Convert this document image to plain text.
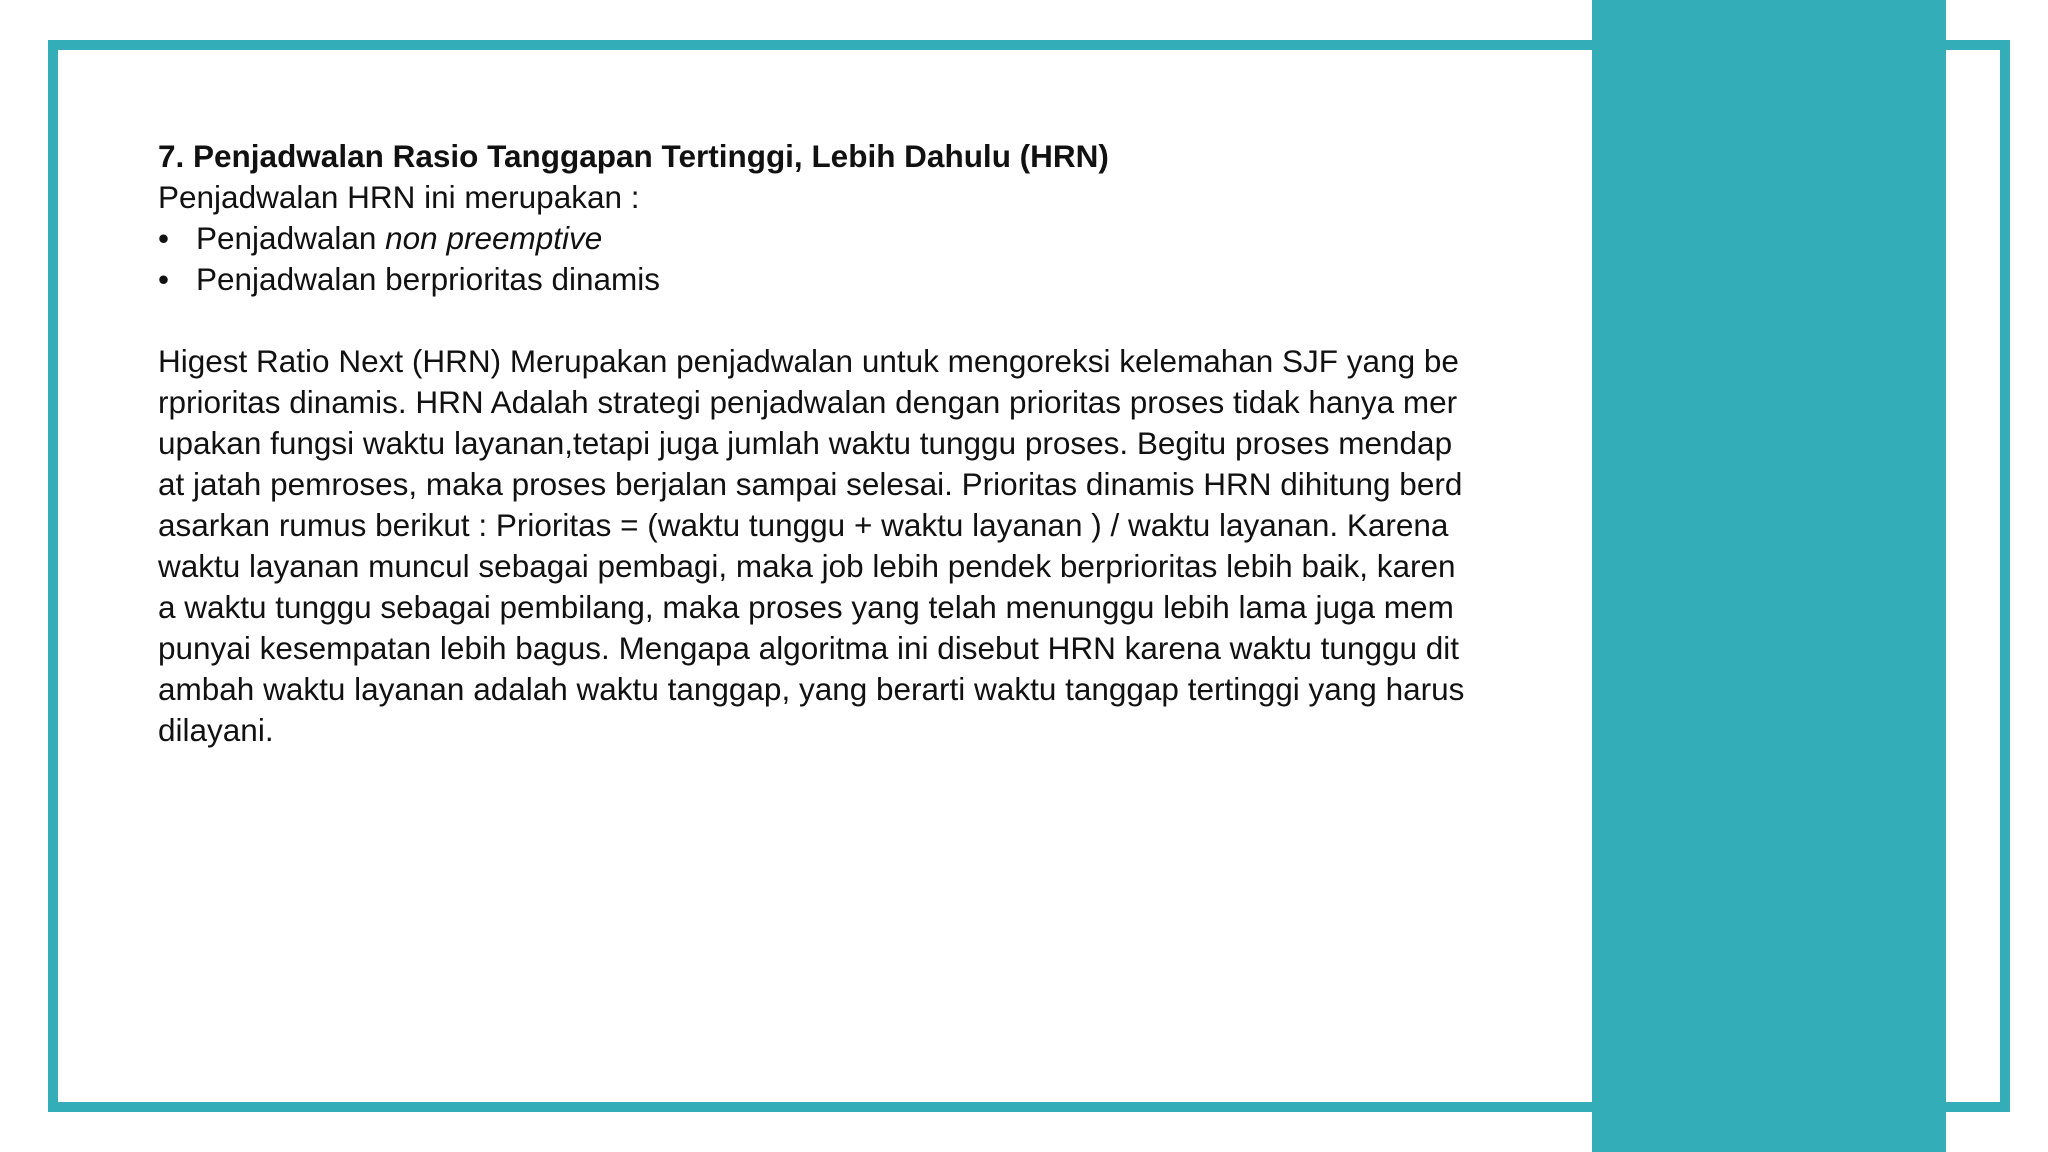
7. Penjadwalan Rasio Tanggapan Tertinggi, Lebih Dahulu (HRN)

Penjadwalan HRN ini merupakan :

• Penjadwalan non preemptive
• Penjadwalan berprioritas dinamis

Higest Ratio Next (HRN) Merupakan penjadwalan untuk mengoreksi kelemahan SJF yang be

rprioritas dinamis. HRN Adalah strategi penjadwalan dengan prioritas proses tidak hanya mer

upakan fungsi waktu layanan,tetapi juga jumlah waktu tunggu proses. Begitu proses mendap

at jatah pemroses, maka proses berjalan sampai selesai. Prioritas dinamis HRN dihitung berd

asarkan rumus berikut : Prioritas = (waktu tunggu + waktu layanan ) / waktu layanan. Karena

waktu layanan muncul sebagai pembagi, maka job lebih pendek berprioritas lebih baik, karen

a waktu tunggu sebagai pembilang, maka proses yang telah menunggu lebih lama juga mem

punyai kesempatan lebih bagus. Mengapa algoritma ini disebut HRN karena waktu tunggu dit

ambah waktu layanan adalah waktu tanggap, yang berarti waktu tanggap tertinggi yang harus

dilayani.
